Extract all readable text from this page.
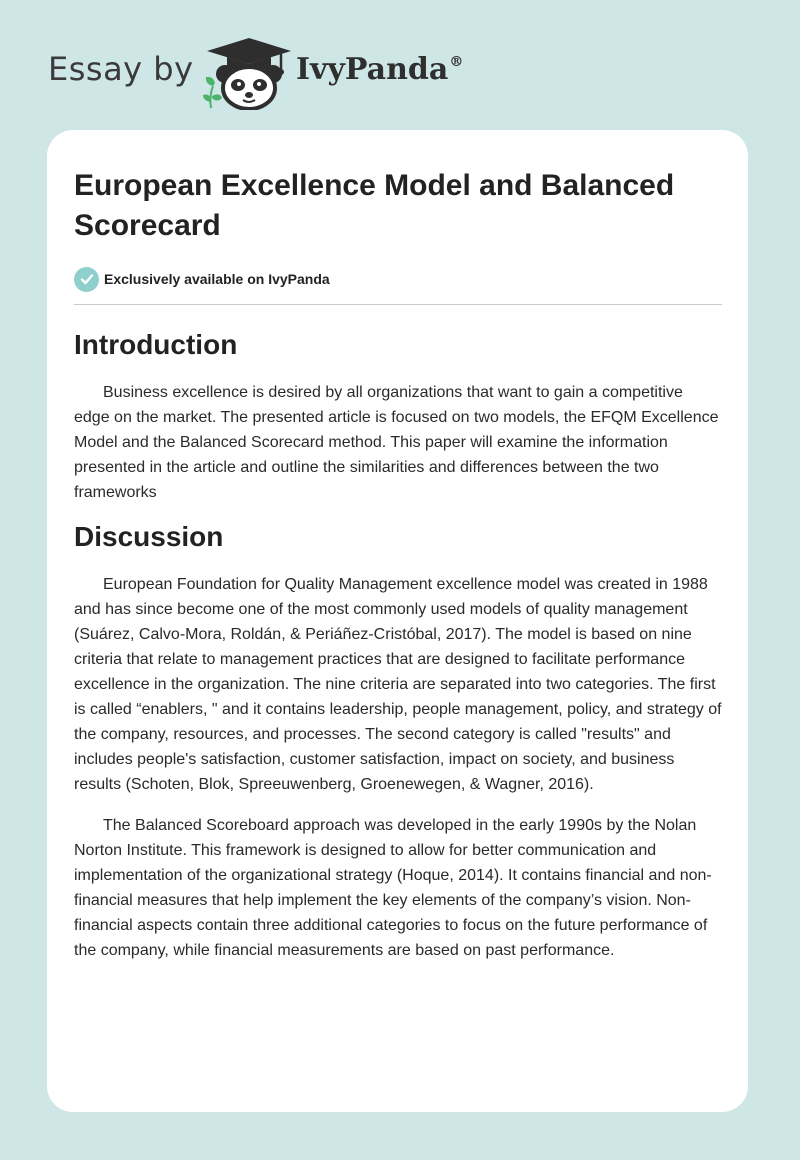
Essay by	IvyPanda®
European Excellence Model and Balanced Scorecard
Exclusively available on IvyPanda
Introduction

Business excellence is desired by all organizations that want to gain a competitive edge on the market. The presented article is focused on two models, the EFQM Excellence Model and the Balanced Scorecard method. This paper will examine the information presented in the article and outline the similarities and differences between the two frameworks

Discussion

European Foundation for Quality Management excellence model was created in 1988 and has since become one of the most commonly used models of quality management (Suárez, Calvo-Mora, Roldán, & Periáñez-Cristóbal, 2017). The model is based on nine criteria that relate to management practices that are designed to facilitate performance excellence in the organization. The nine criteria are separated into two categories. The first is called “enablers, " and it contains leadership, people management, policy, and strategy of the company, resources, and processes. The second category is called "results" and includes people's satisfaction, customer satisfaction, impact on society, and business results (Schoten, Blok, Spreeuwenberg, Groenewegen, & Wagner, 2016).

The Balanced Scoreboard approach was developed in the early 1990s by the Nolan Norton Institute. This framework is designed to allow for better communication and implementation of the organizational strategy (Hoque, 2014). It contains financial and non-financial measures that help implement the key elements of the company’s vision. Non-financial aspects contain three additional categories to focus on the future performance of the company, while financial measurements are based on past performance.
